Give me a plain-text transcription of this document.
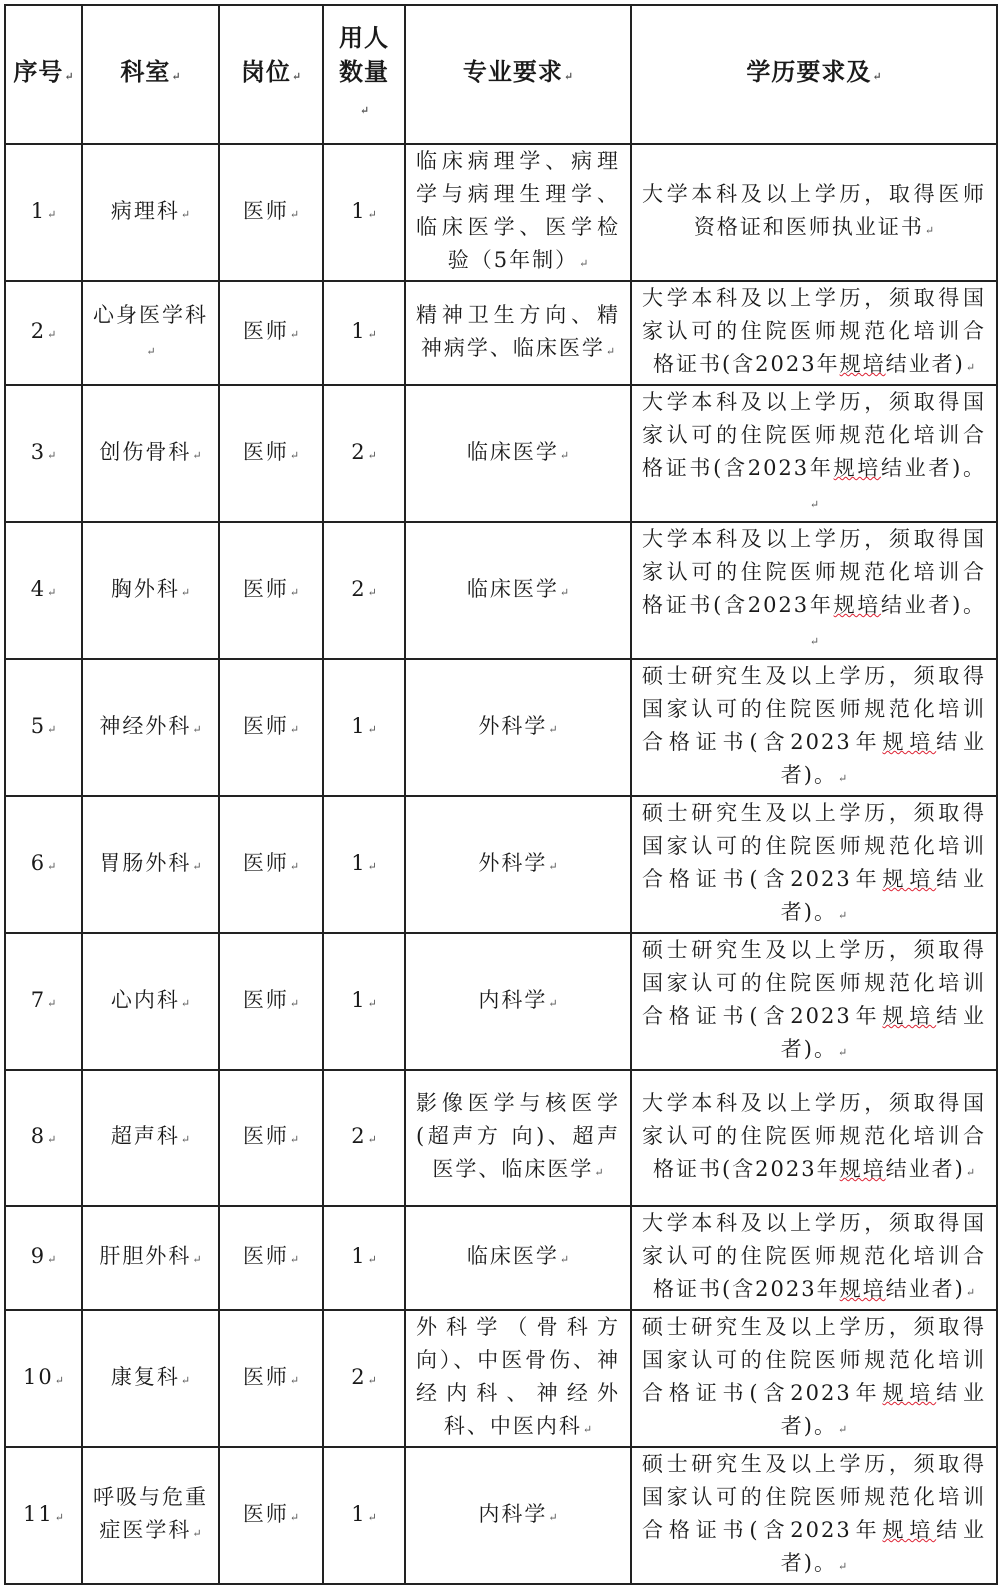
序号↵	科室↵	岗位↵	用人数量↵	专业要求↵	学历要求及↵
1↵	病理科↵	医师↵	1↵	临床病理学、病理学与病理生理学、临床医学、医学检验（5年制）↵	大学本科及以上学历，取得医师资格证和医师执业证书↵
2↵	心身医学科↵	医师↵	1↵	精神卫生方向、精神病学、临床医学↵	大学本科及以上学历，须取得国家认可的住院医师规范化培训合格证书(含2023年规培结业者)↵
3↵	创伤骨科↵	医师↵	2↵	临床医学↵	大学本科及以上学历，须取得国家认可的住院医师规范化培训合格证书(含2023年规培结业者)。↵
4↵	胸外科↵	医师↵	2↵	临床医学↵	大学本科及以上学历，须取得国家认可的住院医师规范化培训合格证书(含2023年规培结业者)。↵
5↵	神经外科↵	医师↵	1↵	外科学↵	硕士研究生及以上学历，须取得国家认可的住院医师规范化培训合格证书(含2023年规培结业者)。↵
6↵	胃肠外科↵	医师↵	1↵	外科学↵	硕士研究生及以上学历，须取得国家认可的住院医师规范化培训合格证书(含2023年规培结业者)。↵
7↵	心内科↵	医师↵	1↵	内科学↵	硕士研究生及以上学历，须取得国家认可的住院医师规范化培训合格证书(含2023年规培结业者)。↵
8↵	超声科↵	医师↵	2↵	影像医学与核医学(超声方 向)、超声医学、临床医学↵	大学本科及以上学历，须取得国家认可的住院医师规范化培训合格证书(含2023年规培结业者)↵
9↵	肝胆外科↵	医师↵	1↵	临床医学↵	大学本科及以上学历，须取得国家认可的住院医师规范化培训合格证书(含2023年规培结业者)↵
10↵	康复科↵	医师↵	2↵	外科学（骨科方向）、中医骨伤、神经内科、神经外科、中医内科↵	硕士研究生及以上学历，须取得国家认可的住院医师规范化培训合格证书(含2023年规培结业者)。↵
11↵	呼吸与危重症医学科↵	医师↵	1↵	内科学↵	硕士研究生及以上学历，须取得国家认可的住院医师规范化培训合格证书(含2023年规培结业者)。↵
